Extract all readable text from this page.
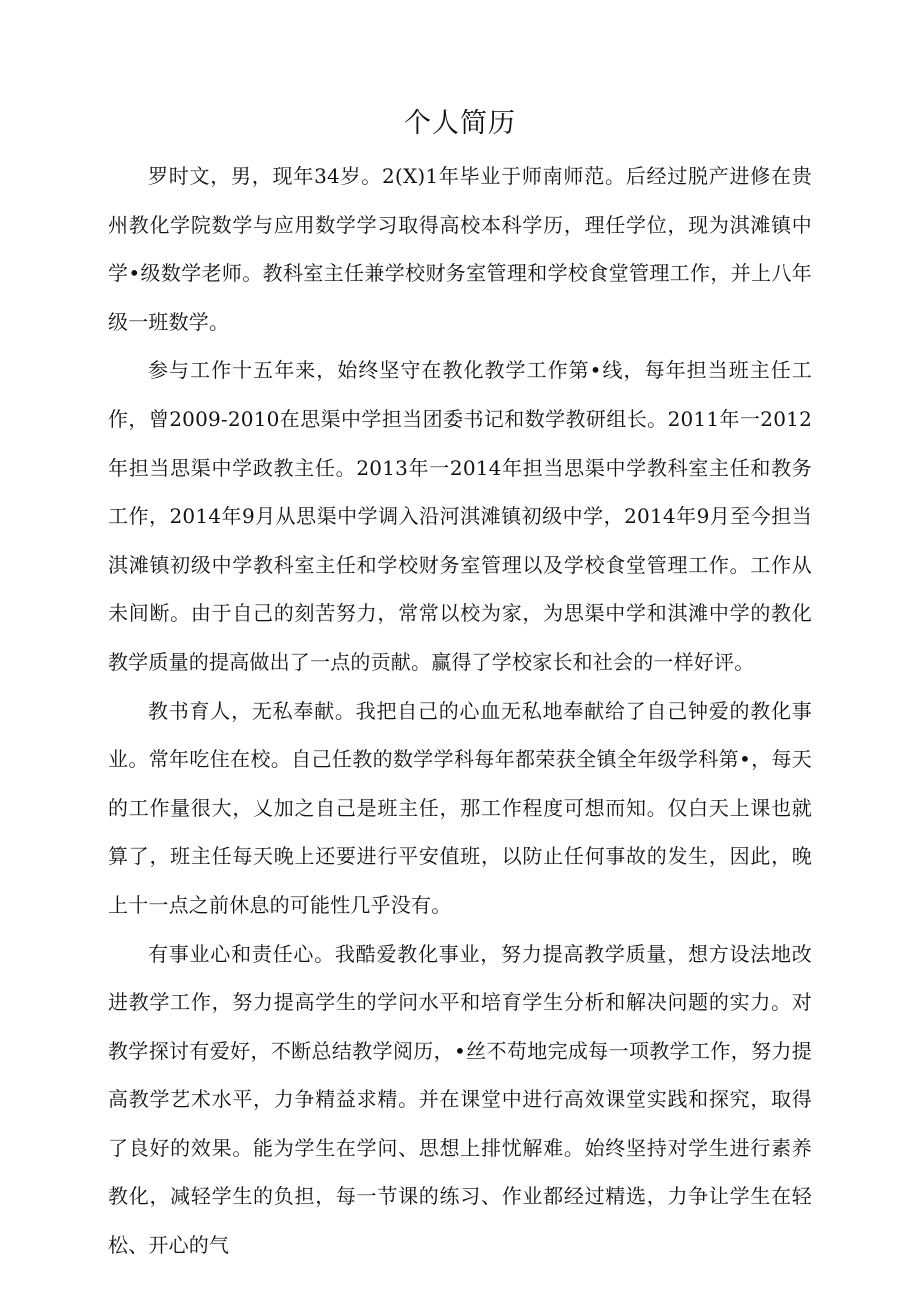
个人简历

罗时文，男，现年34岁。2(X)1年毕业于师南师范。后经过脱产进修在贵州教化学院数学与应用数学学习取得高校本科学历，理任学位，现为淇滩镇中学•级数学老师。教科室主任兼学校财务室管理和学校食堂管理工作，并上八年级一班数学。

参与工作十五年来，始终坚守在教化教学工作第•线，每年担当班主任工作，曾2009-2010在思渠中学担当团委书记和数学教研组长。2011年一2012年担当思渠中学政教主任。2013年一2014年担当思渠中学教科室主任和教务工作，2014年9月从思渠中学调入沿河淇滩镇初级中学，2014年9月至今担当淇滩镇初级中学教科室主任和学校财务室管理以及学校食堂管理工作。工作从未间断。由于自己的刻苦努力，常常以校为家，为思渠中学和淇滩中学的教化教学质量的提高做出了一点的贡献。赢得了学校家长和社会的一样好评。

教书育人，无私奉献。我把自己的心血无私地奉献给了自己钟爱的教化事业。常年吃住在校。自己任教的数学学科每年都荣获全镇全年级学科第•，每天的工作量很大，乂加之自己是班主任，那工作程度可想而知。仅白天上课也就算了，班主任每天晚上还要进行平安值班，以防止任何事故的发生，因此，晚上十一点之前休息的可能性几乎没有。

有事业心和责任心。我酷爱教化事业，努力提高教学质量，想方设法地改进教学工作，努力提高学生的学问水平和培育学生分析和解决问题的实力。对教学探讨有爱好，不断总结教学阅历，•丝不苟地完成每一项教学工作，努力提高教学艺术水平，力争精益求精。并在课堂中进行高效课堂实践和探究，取得了良好的效果。能为学生在学问、思想上排忧解难。始终坚持对学生进行素养教化，减轻学生的负担，每一节课的练习、作业都经过精选，力争让学生在轻松、开心的气
